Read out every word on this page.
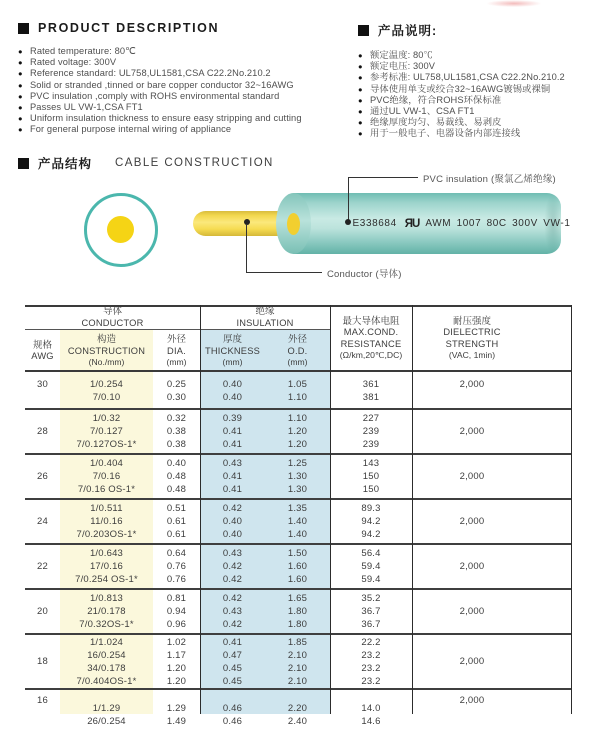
PRODUCT DESCRIPTION
● Rated temperature: 80℃
● Rated voltage: 300V
● Reference standard: UL758,UL1581,CSA C22.2No.210.2
● Solid or stranded ,tinned or bare copper conductor 32~16AWG
● PVC insulation ,comply with ROHS environmental standard
● Passes UL VW-1,CSA FT1
● Uniform insulation thickness to ensure easy stripping and cutting
● For general purpose internal wiring of appliance
产品说明:
● 额定温度: 80℃
● 额定电压: 300V
● 参考标准: UL758,UL1581,CSA C22.2No.210.2
● 导体使用单支或绞合32~16AWG镀锡或裸铜
● PVC绝缘，符合ROHS环保标准
● 通过UL VW-1、CSA FT1
● 绝缘厚度均匀、易裁线、易剥皮
● 用于一般电子、电器设备内部连接线
产品结构 CABLE CONSTRUCTION
E338684 ЯU AWM 1007 80C 300V VW-1
PVC insulation (聚氯乙烯绝缘)
Conductor (导体)
导体
CONDUCTOR
绝缘
INSULATION
规格
AWG
构造
CONSTRUCTION
(No./mm)
外径
DIA.
(mm)
厚度
THICKNESS
(mm)
外径
O.D.
(mm)
最大导体电阻
MAX.COND.
RESISTANCE
(Ω/km,20℃,DC)
耐压强度
DIELECTRIC
STRENGTH
(VAC, 1min)
30	1/0.254
7/0.10
0.25
0.30
0.40
0.40
1.05
1.10
361
381
2,000
28
1/0.32
7/0.127
7/0.127OS-1*
0.32
0.38
0.38
0.39
0.41
0.41
1.10
1.20
1.20
227
239
239
2,000
26
1/0.404
7/0.16
7/0.16 OS-1*
0.40
0.48
0.48
0.43
0.41
0.41
1.25
1.30
1.30
143
150
150
2,000
24
1/0.511
11/0.16
7/0.203OS-1*
0.51
0.61
0.61
0.42
0.40
0.40
1.35
1.40
1.40
89.3
94.2
94.2
2,000
22
1/0.643
17/0.16
7/0.254 OS-1*
0.64
0.76
0.76
0.43
0.42
0.42
1.50
1.60
1.60
56.4
59.4
59.4
2,000
20
1/0.813
21/0.178
7/0.32OS-1*
0.81
0.94
0.96
0.42
0.43
0.42
1.65
1.80
1.80
35.2
36.7
36.7
2,000
18
1/1.024
16/0.254
34/0.178
7/0.404OS-1*
1.02
1.17
1.20
1.20
0.41
0.47
0.45
0.45
1.85
2.10
2.10
2.10
22.2
23.2
23.2
23.2
2,000
16
1/1.29
26/0.254
1.29
1.49
0.46
0.46
2.20
2.40
14.0
14.6
2,000
